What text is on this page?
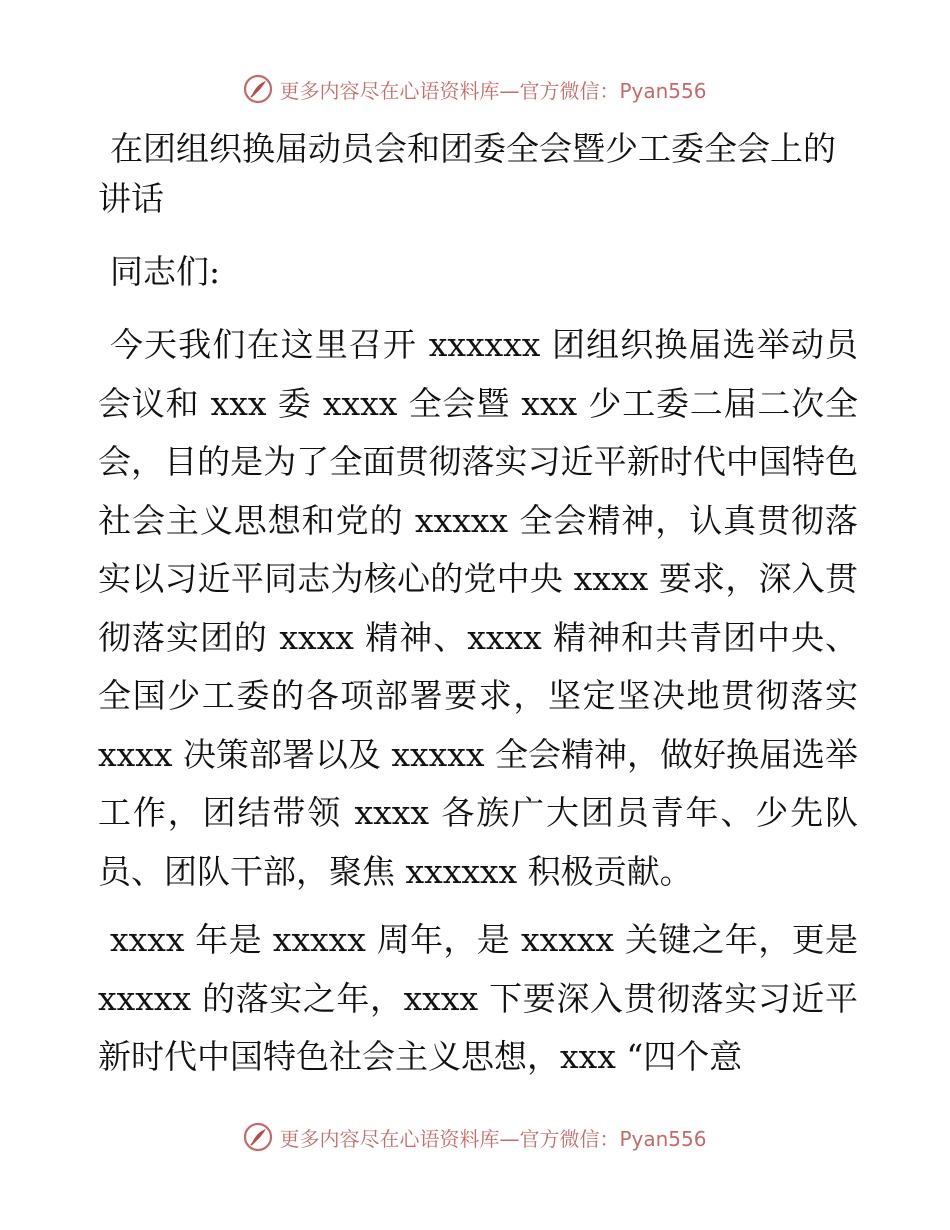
更多内容尽在心语资料库—官方微信：Pyan556
在团组织换届动员会和团委全会暨少工委全会上的讲话

同志们:

今天我们在这里召开 xxxxxx 团组织换届选举动员会议和 xxx 委 xxxx 全会暨 xxx 少工委二届二次全会，目的是为了全面贯彻落实习近平新时代中国特色社会主义思想和党的 xxxxx 全会精神，认真贯彻落实以习近平同志为核心的党中央 xxxx 要求，深入贯彻落实团的 xxxx 精神、xxxx 精神和共青团中央、全国少工委的各项部署要求，坚定坚决地贯彻落实 xxxx 决策部署以及 xxxxx 全会精神，做好换届选举工作，团结带领 xxxx 各族广大团员青年、少先队员、团队干部，聚焦 xxxxxx 积极贡献。

xxxx 年是 xxxxx 周年，是 xxxxx 关键之年，更是 xxxxx 的落实之年，xxxx 下要深入贯彻落实习近平新时代中国特色社会主义思想，xxx “四个意

更多内容尽在心语资料库—官方微信：Pyan556
